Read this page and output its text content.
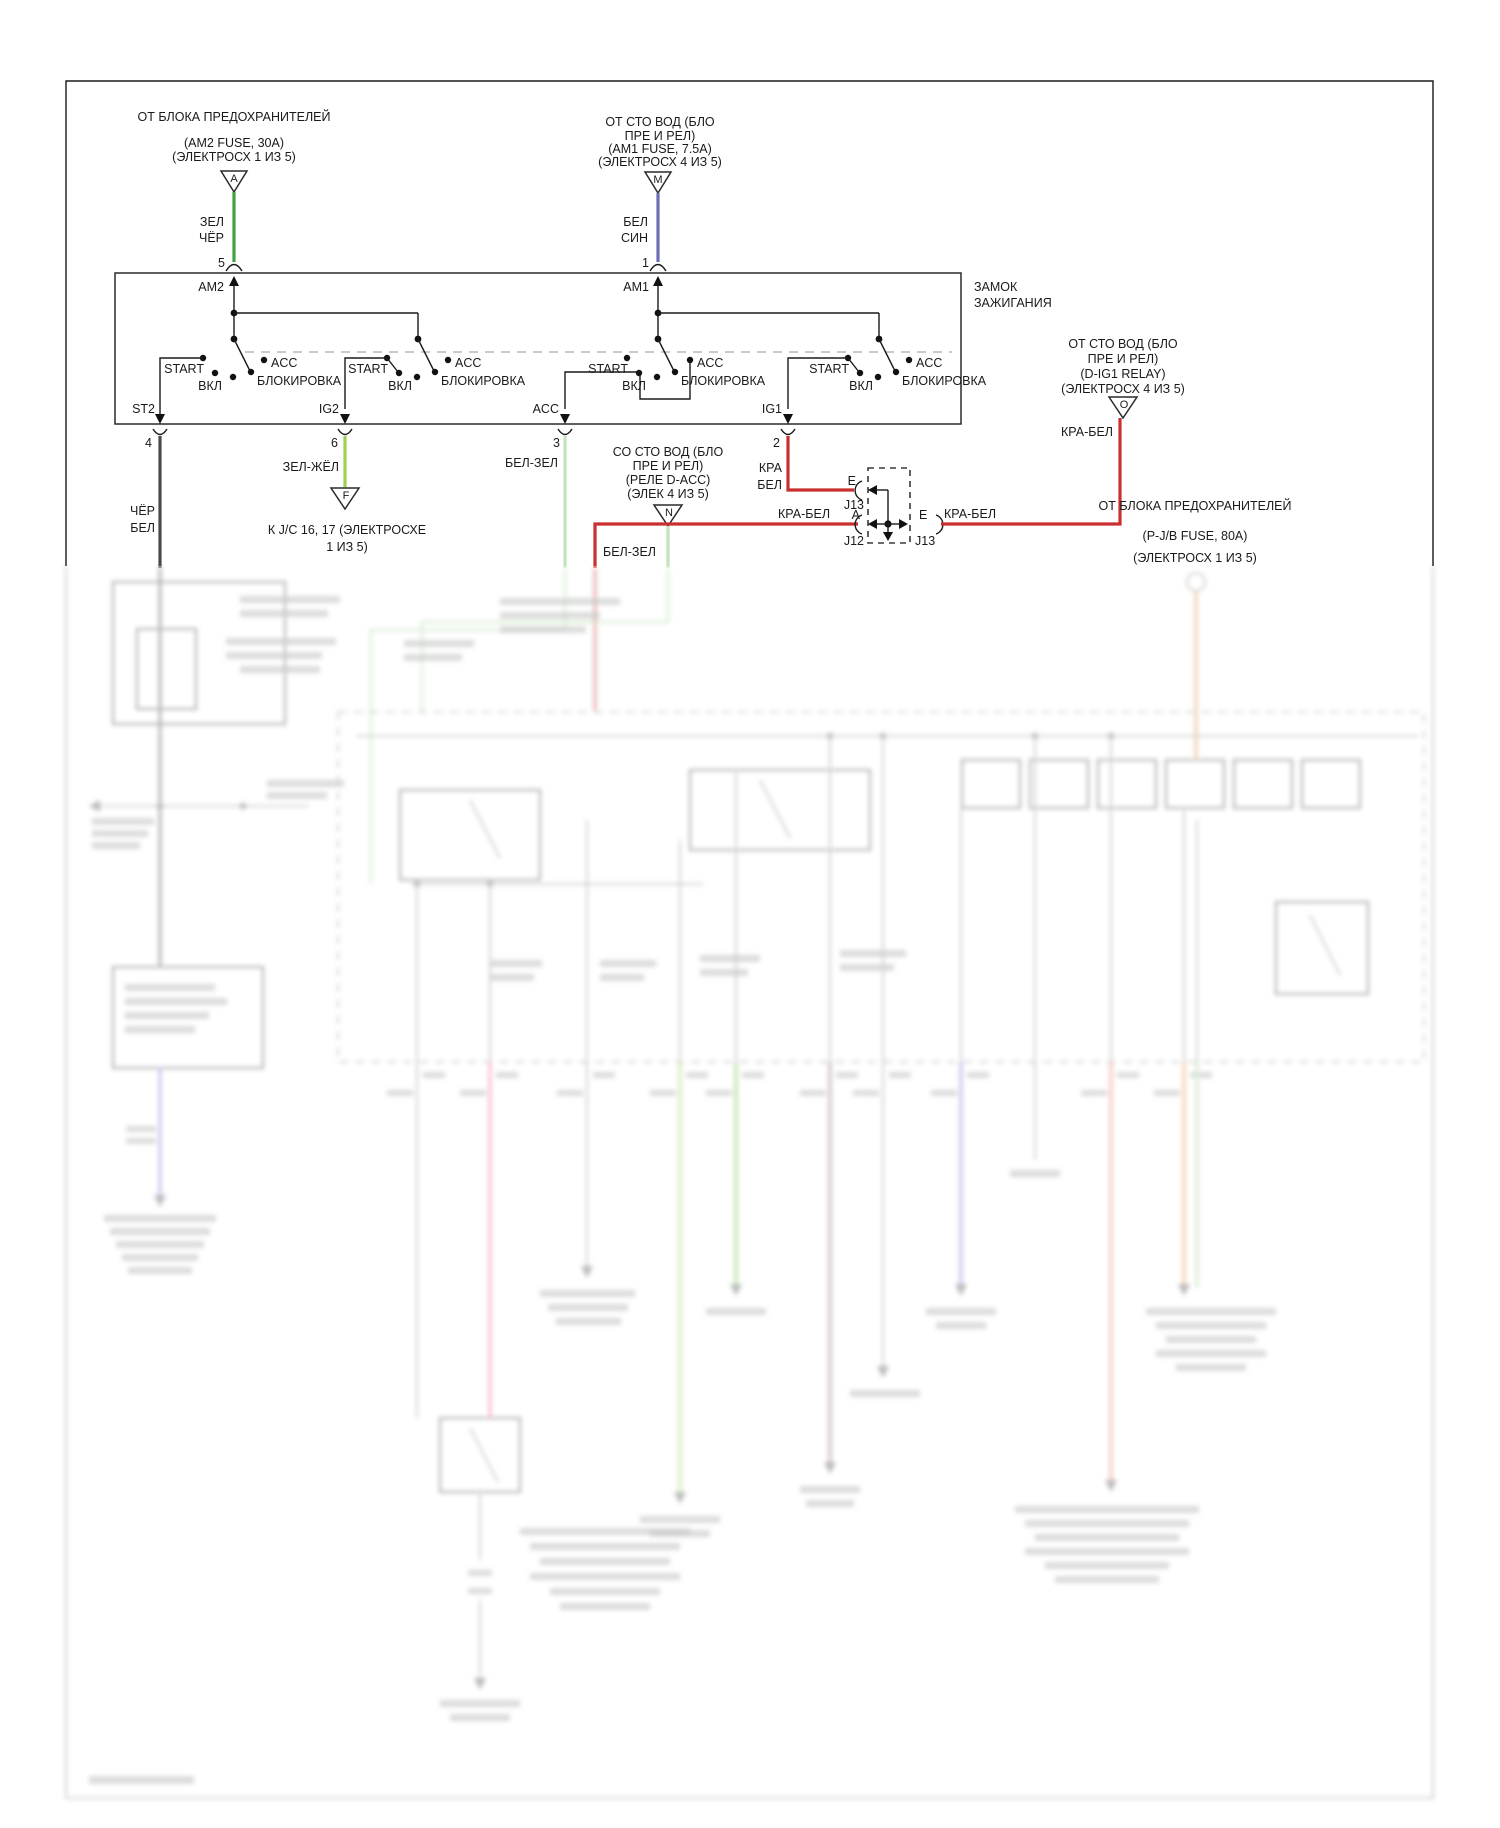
ОТ БЛОКА ПРЕДОХРАНИТЕЛЕЙ
(AM2 FUSE, 30A)
(ЭЛЕКТРОСХ 1 ИЗ 5)
A
ЗЕЛ
ЧЁР
5
ОТ СТО ВОД (БЛО
ПРЕ И РЕЛ)
(AM1 FUSE, 7.5A)
(ЭЛЕКТРОСХ 4 ИЗ 5)
M
БЕЛ
СИН
1
ЗАМОК
ЗАЖИГАНИЯ
AM2	AM1
START
ВКЛ
ACC
БЛОКИРОВКА
ST2
START
ВКЛ
ACC
БЛОКИРОВКА
IG2
START
ВКЛ
ACC
БЛОКИРОВКА
ACC
START
ВКЛ
ACC
БЛОКИРОВКА
IG1
4
ЧЁР
БЕЛ
6
ЗЕЛ-ЖЁЛ
F
К J/C 16, 17 (ЭЛЕКТРОСХЕ
1 ИЗ 5)
3
БЕЛ-ЗЕЛ
СО СТО ВОД (БЛО
ПРЕ И РЕЛ)
(РЕЛЕ D-ACC)
(ЭЛЕК 4 ИЗ 5)
N
БЕЛ-ЗЕЛ
2
КРА
БЕЛ	E
J13
КРА-БЕЛ A
J12
E
J13
КРА-БЕЛ
ОТ СТО ВОД (БЛО
ПРЕ И РЕЛ)
(D-IG1 RELAY)
(ЭЛЕКТРОСХ 4 ИЗ 5)
O
КРА-БЕЛ
ОТ БЛОКА ПРЕДОХРАНИТЕЛЕЙ
(P-J/B FUSE, 80A)
(ЭЛЕКТРОСХ 1 ИЗ 5)
